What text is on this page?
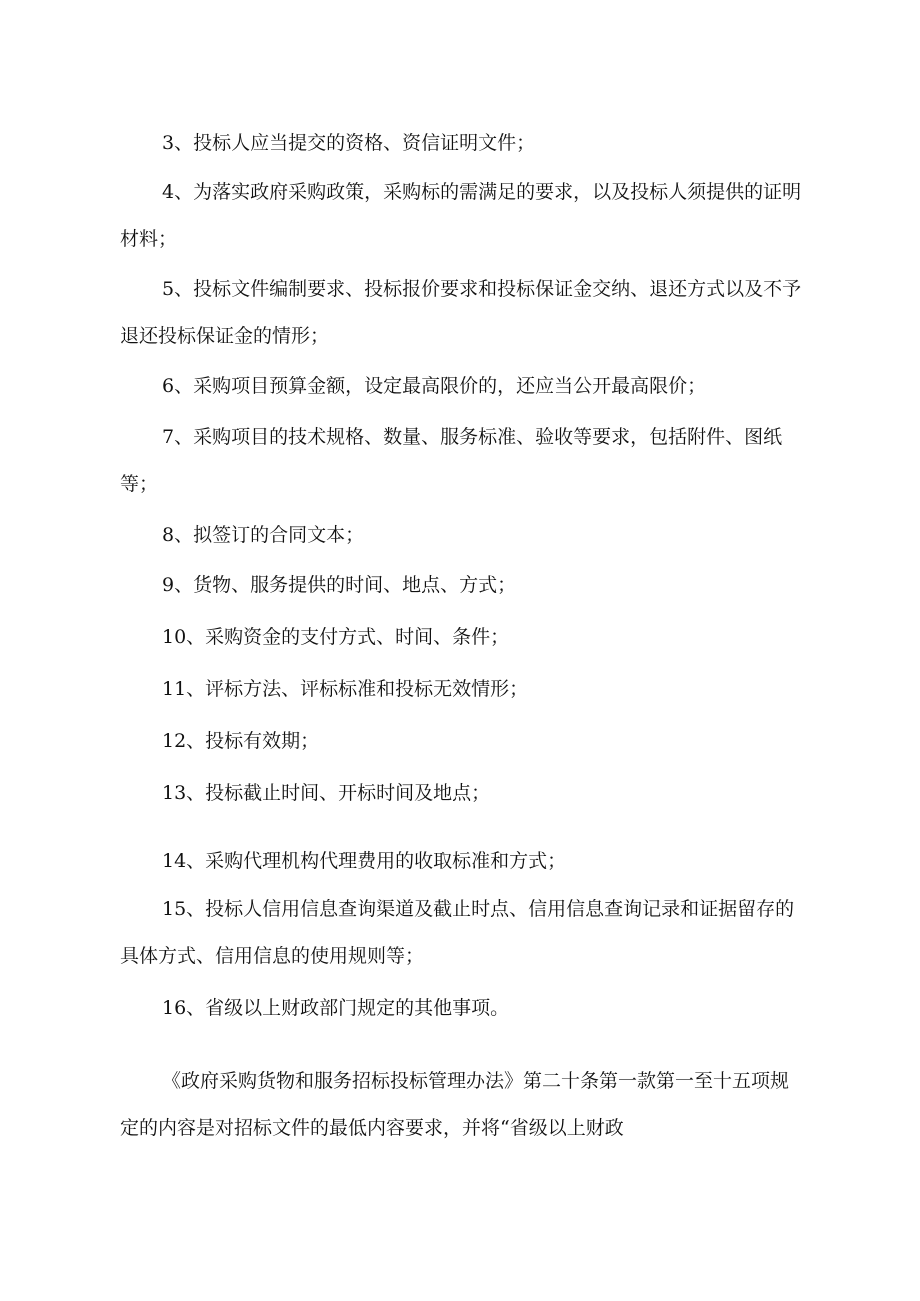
3、投标人应当提交的资格、资信证明文件；

4、为落实政府采购政策，采购标的需满足的要求，以及投标人须提供的证明材料；

5、投标文件编制要求、投标报价要求和投标保证金交纳、退还方式以及不予退还投标保证金的情形；

6、采购项目预算金额，设定最高限价的，还应当公开最高限价；

7、采购项目的技术规格、数量、服务标准、验收等要求，包括附件、图纸等；

8、拟签订的合同文本；

9、货物、服务提供的时间、地点、方式；

10、采购资金的支付方式、时间、条件；

11、评标方法、评标标准和投标无效情形；

12、投标有效期；

13、投标截止时间、开标时间及地点；

14、采购代理机构代理费用的收取标准和方式；

15、投标人信用信息查询渠道及截止时点、信用信息查询记录和证据留存的具体方式、信用信息的使用规则等；

16、省级以上财政部门规定的其他事项。

《政府采购货物和服务招标投标管理办法》第二十条第一款第一至十五项规定的内容是对招标文件的最低内容要求，并将“省级以上财政
